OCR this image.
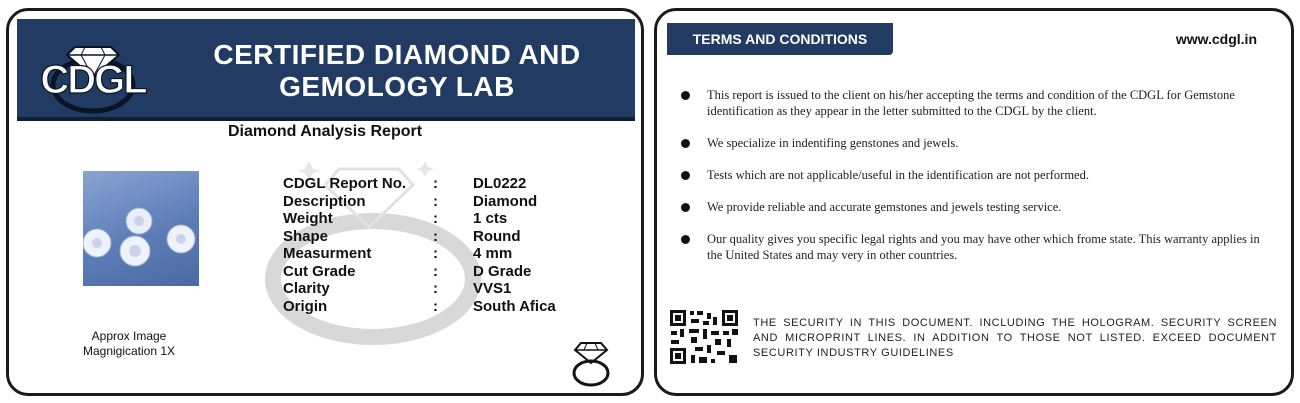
CDGL
CERTIFIED DIAMOND AND
GEMOLOGY LAB
Diamond Analysis Report
Approx Image
Magnigication 1X
CDGL Report No. : DL0222
Description	: Diamond
Weight	: 1 cts
Shape	: Round
Measurment	: 4 mm
Cut Grade	: D Grade
Clarity	: VVS1
Origin	: South Afica
TERMS AND CONDITIONS	www.cdgl.in
This report is issued to the client on his/her accepting the terms and condition of the CDGL for Gemstone identification as they appear in the letter submitted to the CDGL by the client.
We specialize in indentifing genstones and jewels.
Tests which are not applicable/useful in the identification are not performed.
We provide reliable and accurate gemstones and jewels testing service.
Our quality gives you specific legal rights and you may have other which frome state. This warranty applies in the United States and may very in other countries.
THE SECURITY IN THIS DOCUMENT. INCLUDING THE HOLOGRAM. SECURITY SCREEN AND MICROPRINT LINES. IN ADDITION TO THOSE NOT LISTED. EXCEED DOCUMENT SECURITY INDUSTRY GUIDELINES
